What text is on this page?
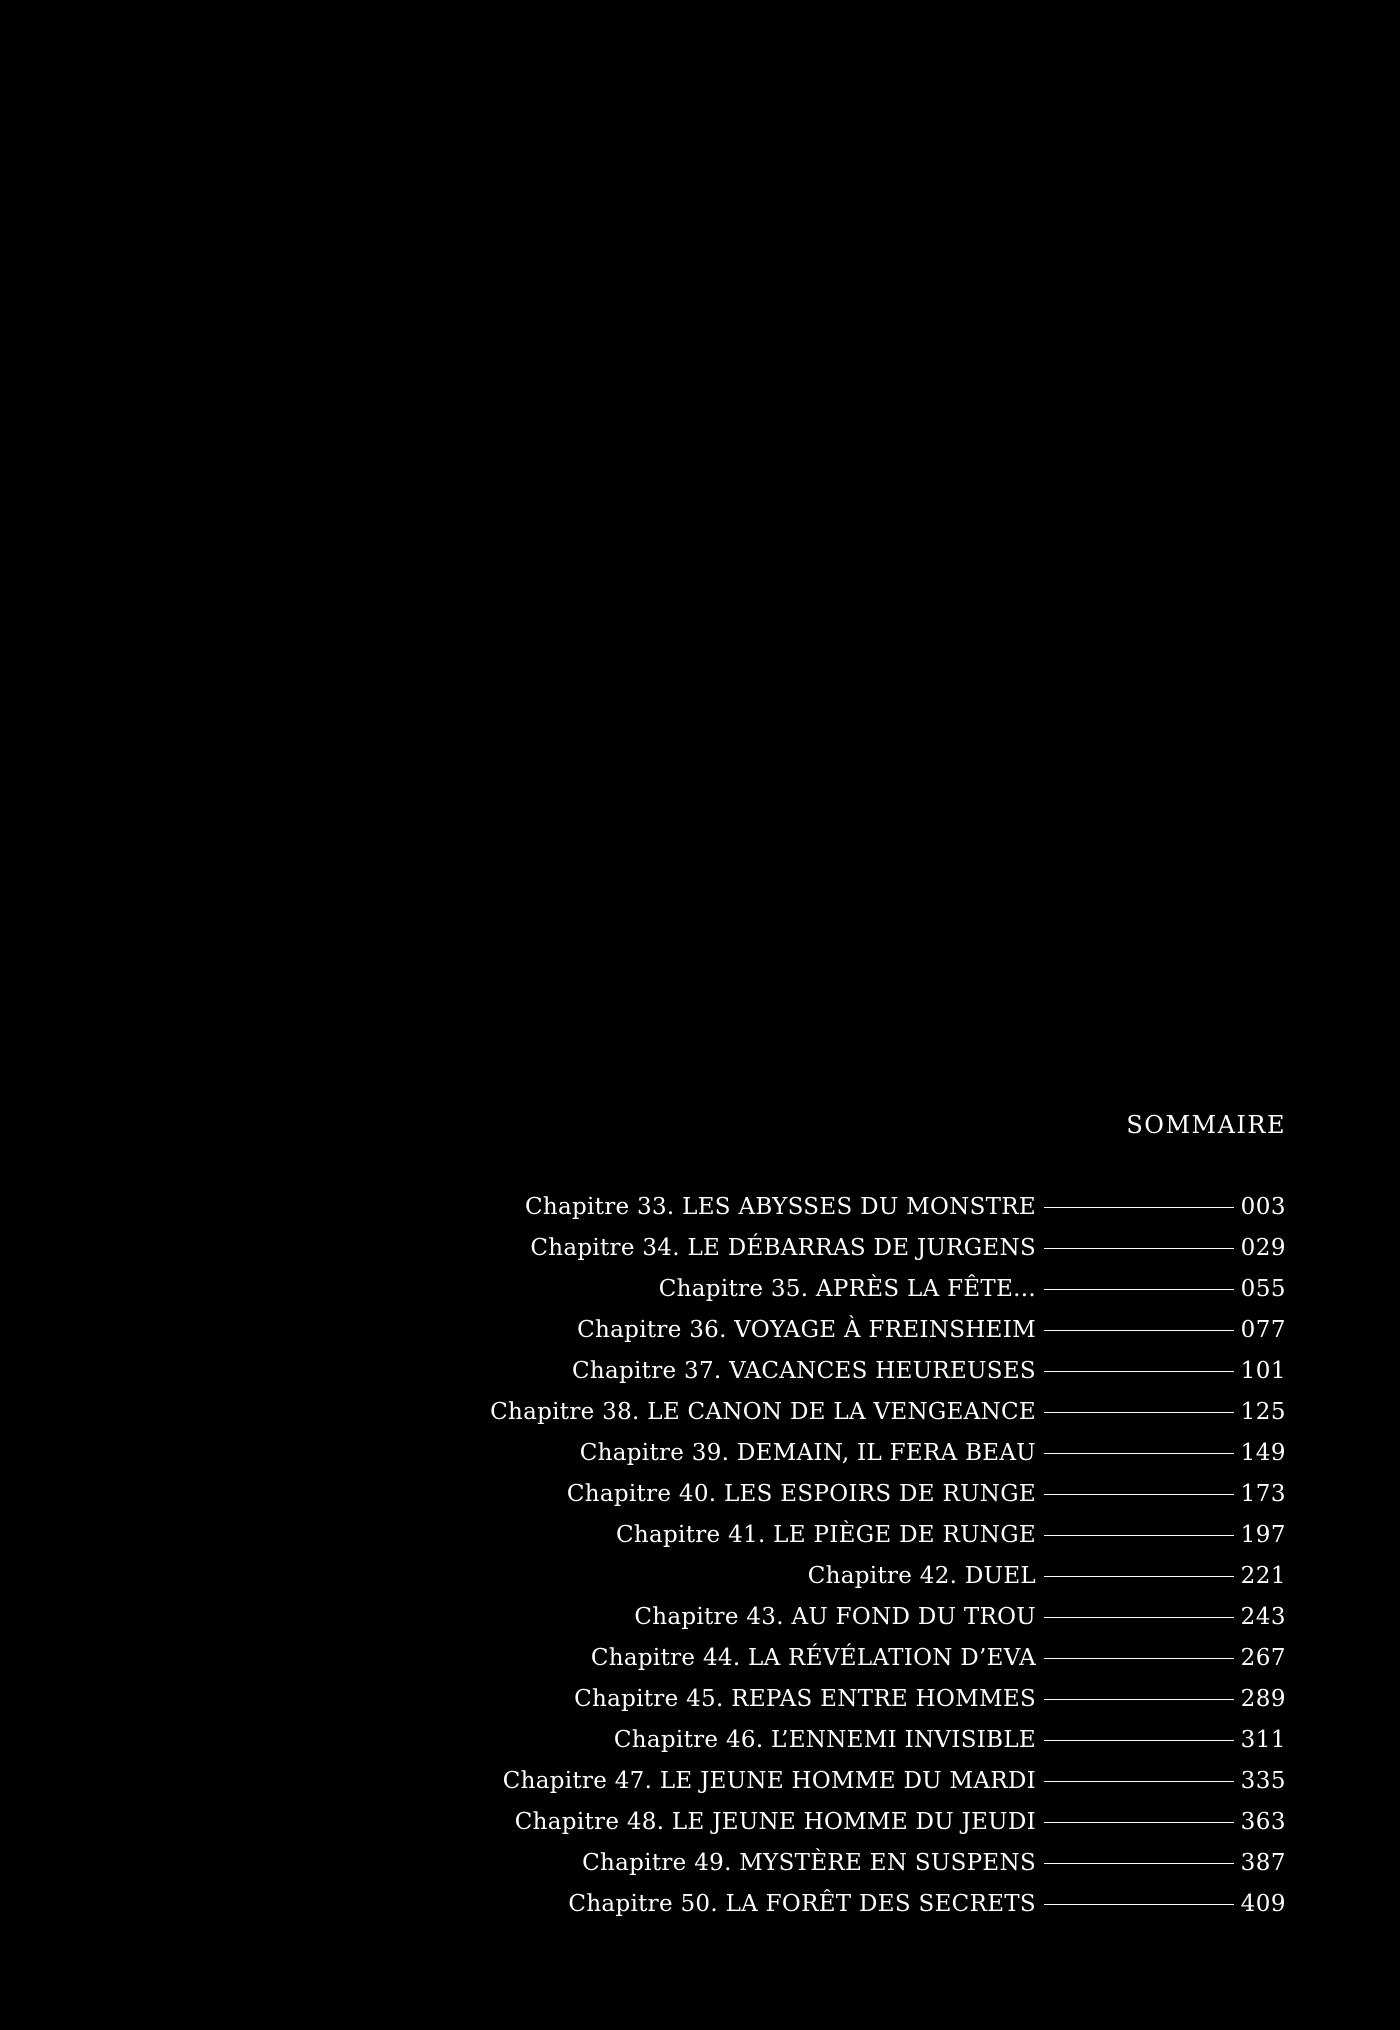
SOMMAIRE
Chapitre 33. LES ABYSSES DU MONSTRE	003
Chapitre 34. LE DÉBARRAS DE JURGENS	029
Chapitre 35. APRÈS LA FÊTE...	055
Chapitre 36. VOYAGE À FREINSHEIM	077
Chapitre 37. VACANCES HEUREUSES	101
Chapitre 38. LE CANON DE LA VENGEANCE	125
Chapitre 39. DEMAIN, IL FERA BEAU	149
Chapitre 40. LES ESPOIRS DE RUNGE	173
Chapitre 41. LE PIÈGE DE RUNGE	197
Chapitre 42. DUEL	221
Chapitre 43. AU FOND DU TROU	243
Chapitre 44. LA RÉVÉLATION D’EVA	267
Chapitre 45. REPAS ENTRE HOMMES	289
Chapitre 46. L’ENNEMI INVISIBLE	311
Chapitre 47. LE JEUNE HOMME DU MARDI	335
Chapitre 48. LE JEUNE HOMME DU JEUDI	363
Chapitre 49. MYSTÈRE EN SUSPENS	387
Chapitre 50. LA FORÊT DES SECRETS	409
